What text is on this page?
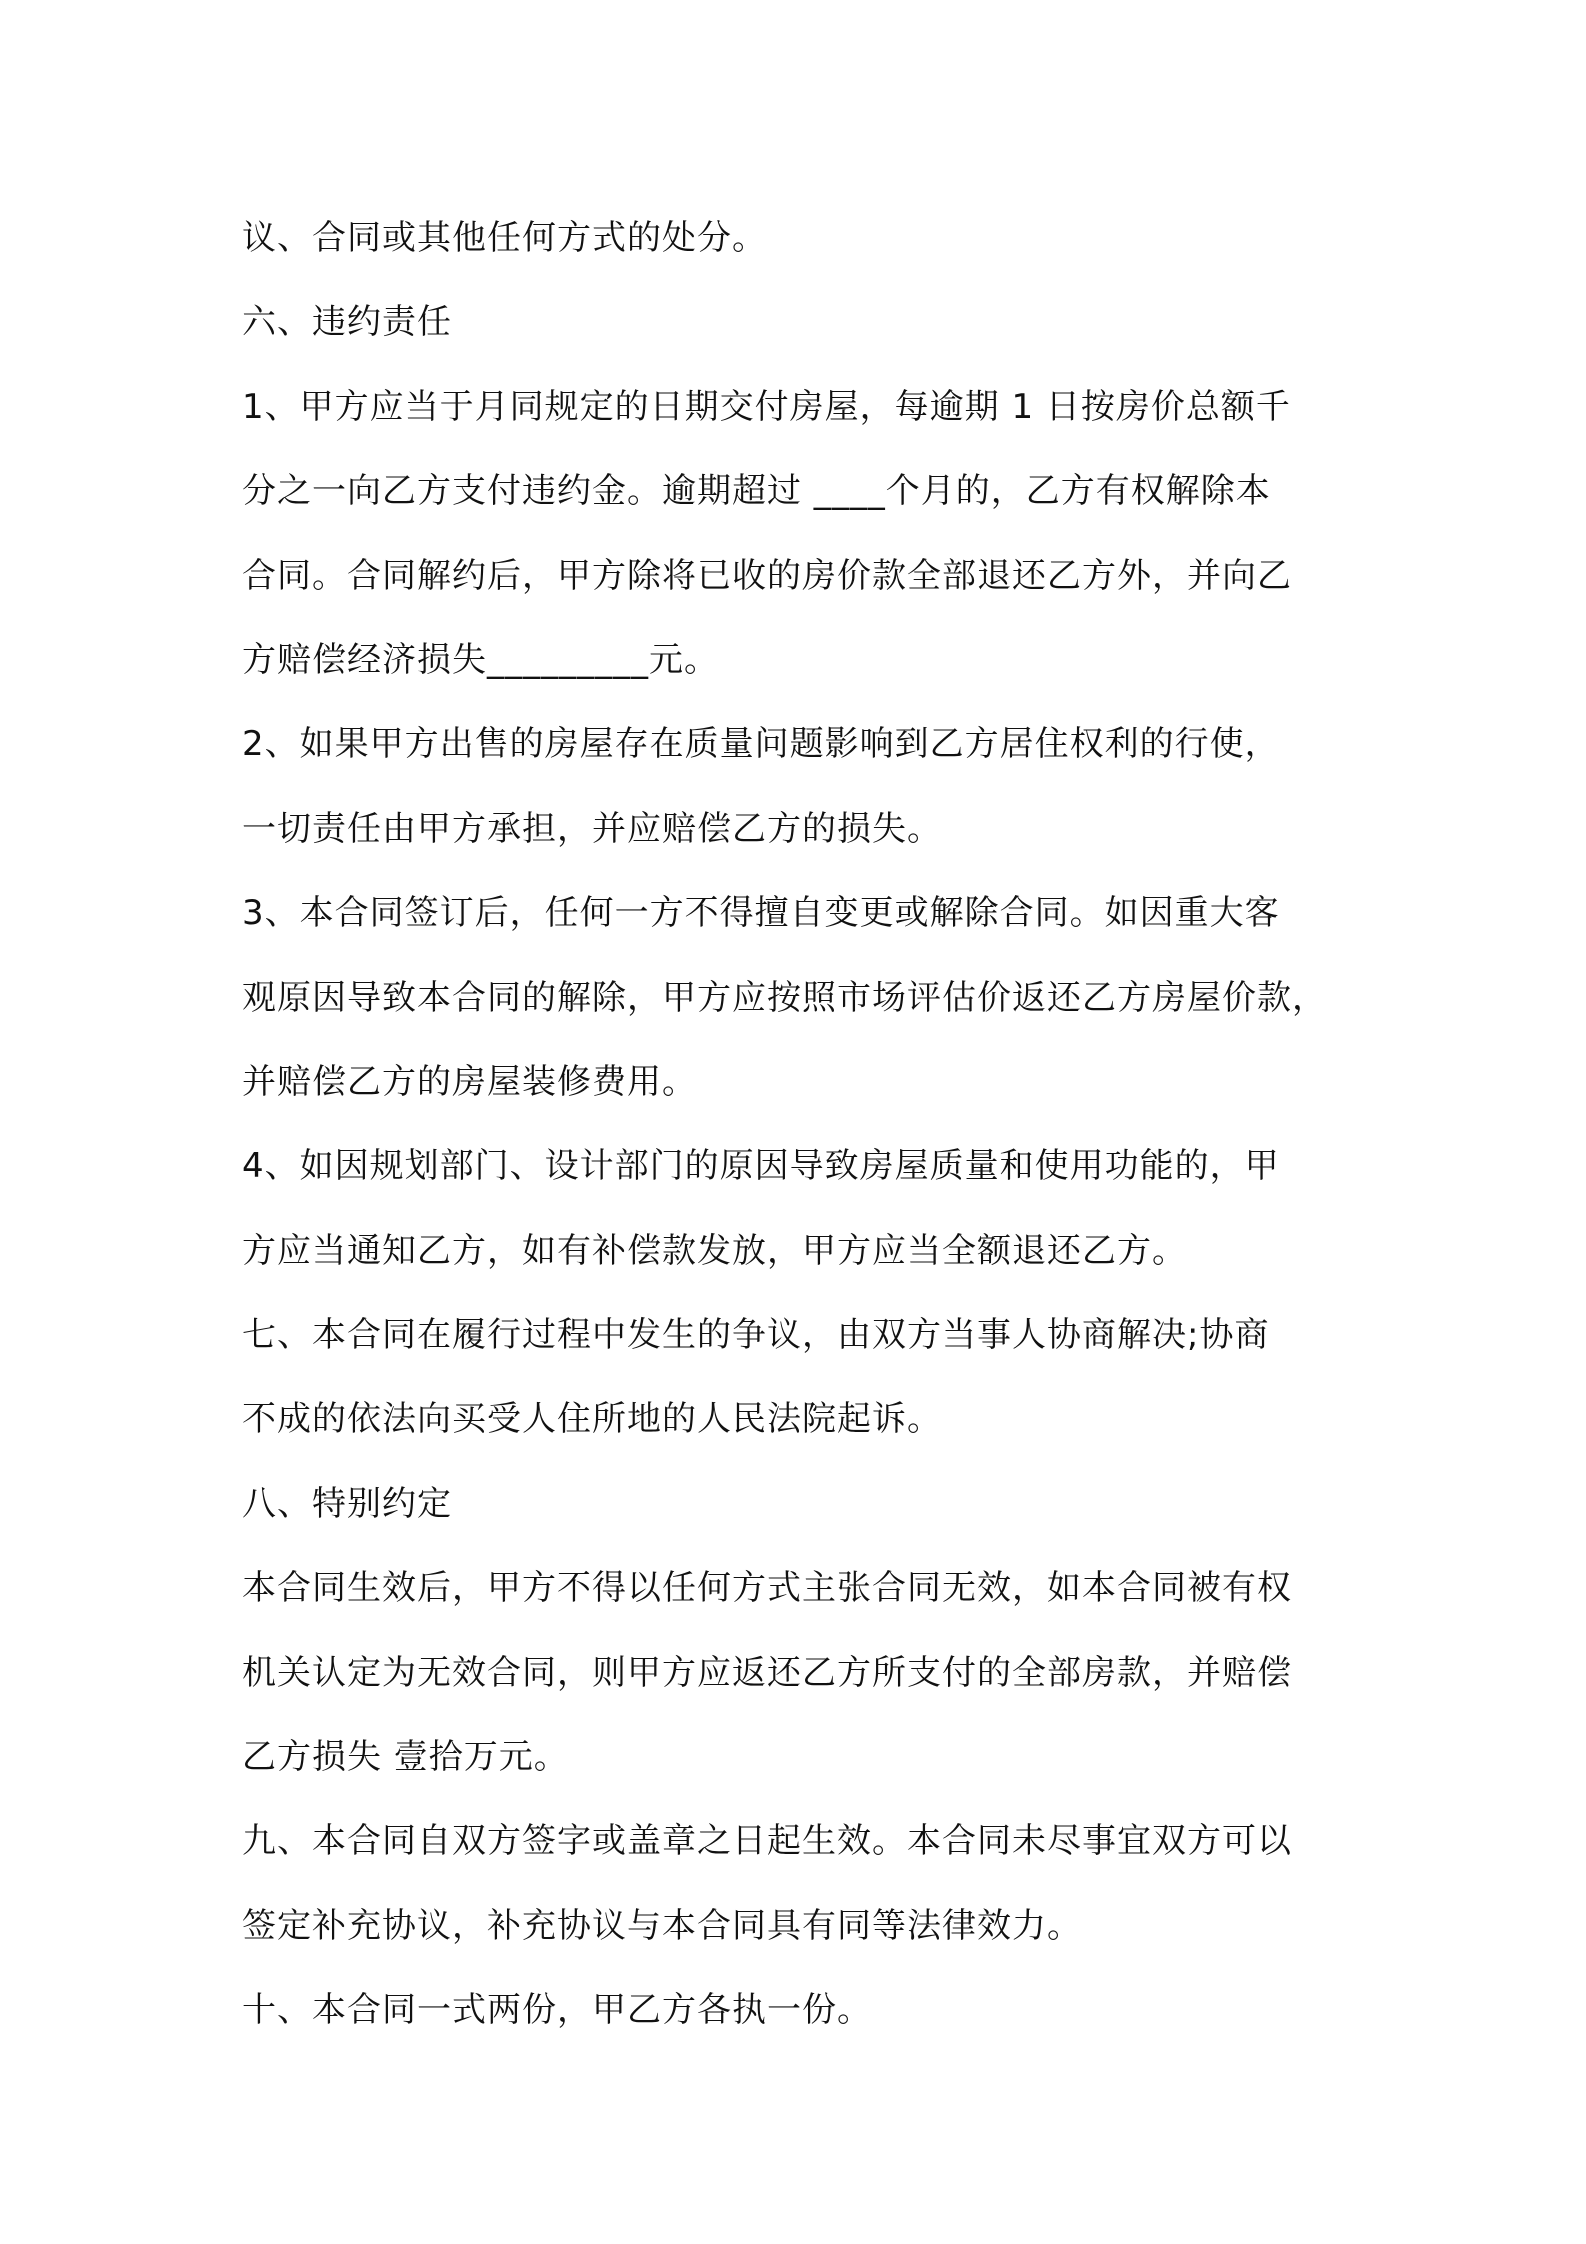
议、合同或其他任何方式的处分。
六、违约责任
1、甲方应当于月同规定的日期交付房屋，每逾期 1 日按房价总额千
分之一向乙方支付违约金。逾期超过 ____个月的，乙方有权解除本
合同。合同解约后，甲方除将已收的房价款全部退还乙方外，并向乙
方赔偿经济损失_________元。
2、如果甲方出售的房屋存在质量问题影响到乙方居住权利的行使，
一切责任由甲方承担，并应赔偿乙方的损失。
3、本合同签订后，任何一方不得擅自变更或解除合同。如因重大客
观原因导致本合同的解除，甲方应按照市场评估价返还乙方房屋价款，
并赔偿乙方的房屋装修费用。
4、如因规划部门、设计部门的原因导致房屋质量和使用功能的，甲
方应当通知乙方，如有补偿款发放，甲方应当全额退还乙方。
七、本合同在履行过程中发生的争议，由双方当事人协商解决;协商
不成的依法向买受人住所地的人民法院起诉。
八、特别约定
本合同生效后，甲方不得以任何方式主张合同无效，如本合同被有权
机关认定为无效合同，则甲方应返还乙方所支付的全部房款，并赔偿
乙方损失 壹拾万元。
九、本合同自双方签字或盖章之日起生效。本合同未尽事宜双方可以
签定补充协议，补充协议与本合同具有同等法律效力。
十、本合同一式两份，甲乙方各执一份。
